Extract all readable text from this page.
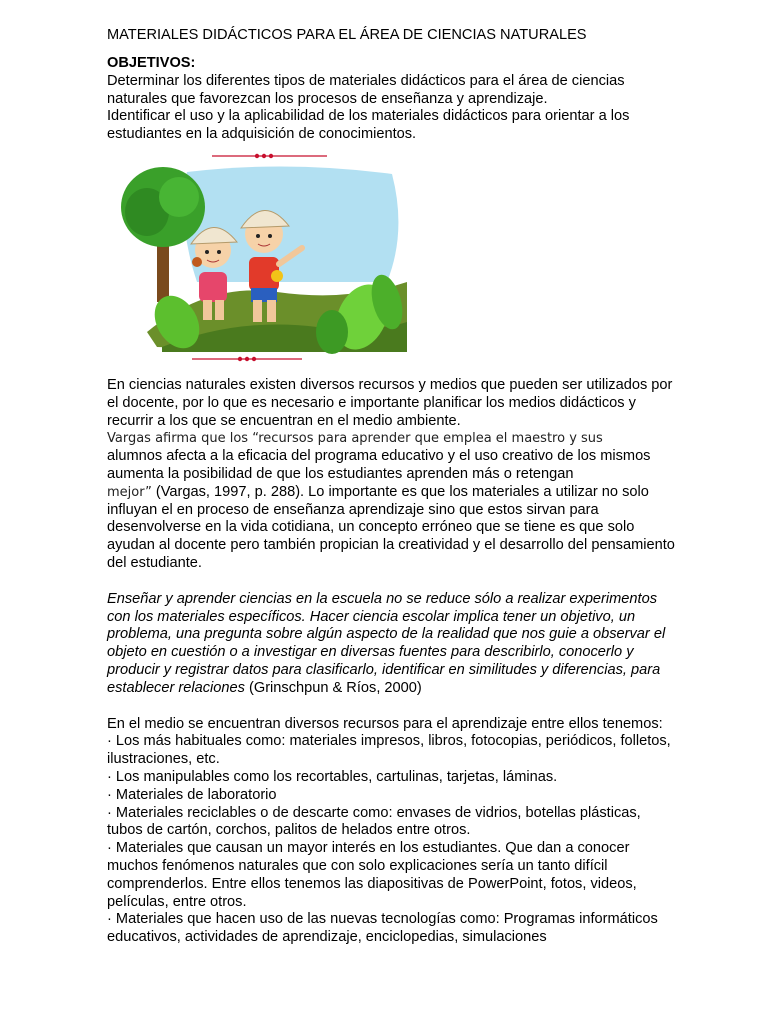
MATERIALES DIDÁCTICOS PARA EL ÁREA DE CIENCIAS NATURALES
OBJETIVOS:

Determinar los diferentes tipos de materiales didácticos para el área de ciencias naturales que favorezcan los procesos de enseñanza y aprendizaje.

Identificar el uso y la aplicabilidad de los materiales didácticos para orientar a los estudiantes en la adquisición de conocimientos.

En ciencias naturales existen diversos recursos y medios que pueden ser utilizados por el docente, por lo que es necesario e importante planificar los medios didácticos y recurrir a los que se encuentran en el medio ambiente.
Vargas afirma que los “recursos para aprender que emplea el maestro y sus
alumnos afecta a la eficacia del programa educativo y el uso creativo de los mismos aumenta la posibilidad de que los estudiantes aprenden más o retengan
mejor” (Vargas, 1997, p. 288). Lo importante es que los materiales a utilizar no solo influyan el en proceso de enseñanza aprendizaje sino que estos sirvan para desenvolverse en la vida cotidiana, un concepto erróneo que se tiene es que solo ayudan al docente pero también propician la creatividad y el desarrollo del pensamiento del estudiante.

Enseñar y aprender ciencias en la escuela no se reduce sólo a realizar experimentos con los materiales específicos. Hacer ciencia escolar implica tener un objetivo, un problema, una pregunta sobre algún aspecto de la realidad que nos guie a observar el objeto en cuestión o a investigar en diversas fuentes para describirlo, conocerlo y producir y registrar datos para clasificarlo, identificar en similitudes y diferencias, para establecer relaciones (Grinschpun & Ríos, 2000)

En el medio se encuentran diversos recursos para el aprendizaje entre ellos tenemos:

· Los más habituales como: materiales impresos, libros, fotocopias, periódicos, folletos, ilustraciones, etc.

· Los manipulables como los recortables, cartulinas, tarjetas, láminas.

· Materiales de laboratorio

· Materiales reciclables o de descarte como: envases de vidrios, botellas plásticas, tubos de cartón, corchos, palitos de helados entre otros.

· Materiales que causan un mayor interés en los estudiantes. Que dan a conocer muchos fenómenos naturales que con solo explicaciones sería un tanto difícil comprenderlos. Entre ellos tenemos las diapositivas de PowerPoint, fotos, videos, películas, entre otros.

· Materiales que hacen uso de las nuevas tecnologías como: Programas informáticos educativos, actividades de aprendizaje, enciclopedias, simulaciones
